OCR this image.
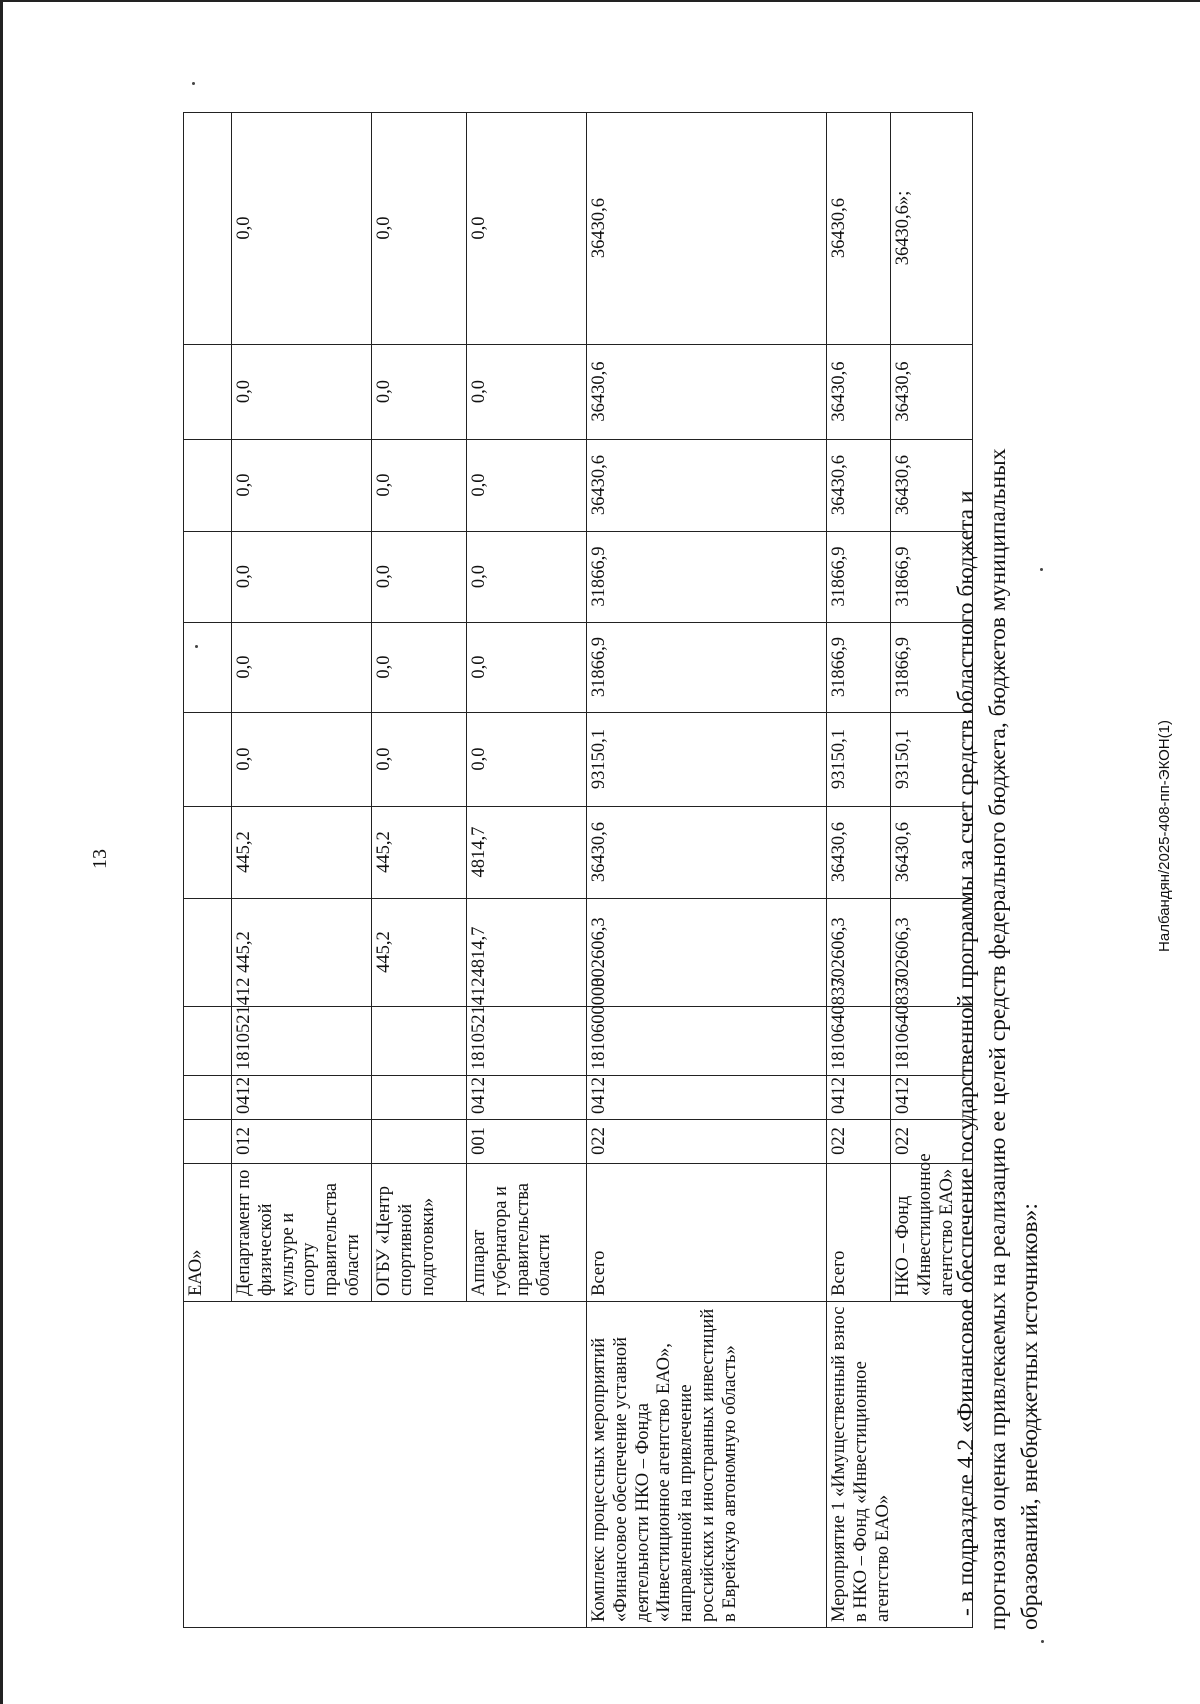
13	Налбандян/2025-408-пп-ЭКОН(1)
	ЕАО»											
	Департамент по физической культуре и спорту правительства области	012	0412	1810521412	445,2	445,2	0,0	0,0	0,0	0,0	0,0	0,0
	ОГБУ «Центр спортивной подготовки»				445,2	445,2	0,0	0,0	0,0	0,0	0,0	0,0
	Аппарат губернатора и правительства области	001	0412	1810521412	4814,7	4814,7	0,0	0,0	0,0	0,0	0,0	0,0
Комплекс процессных мероприятий «Финансовое обеспечение уставной деятельности НКО – Фонда «Инвестиционное агентство ЕАО», направленной на привлечение российских и иностранных инвестиций в Еврейскую автономную область»	Всего	022	0412	1810600000	302606,3	36430,6	93150,1	31866,9	31866,9	36430,6	36430,6	36430,6
Мероприятие 1 «Имущественный взнос в НКО – Фонд «Инвестиционное агентство ЕАО»	Всего	022	0412	1810640837	302606,3	36430,6	93150,1	31866,9	31866,9	36430,6	36430,6	36430,6
	НКО – Фонд «Инвестиционное агентство ЕАО»	022	0412	1810640837	302606,3	36430,6	93150,1	31866,9	31866,9	36430,6	36430,6	36430,6»;
- в подразделе 4.2 «Финансовое обеспечение государственной программы за счет средств областного бюджета и прогнозная оценка привлекаемых на реализацию ее целей средств федерального бюджета, бюджетов муниципальных образований, внебюджетных источников»:
